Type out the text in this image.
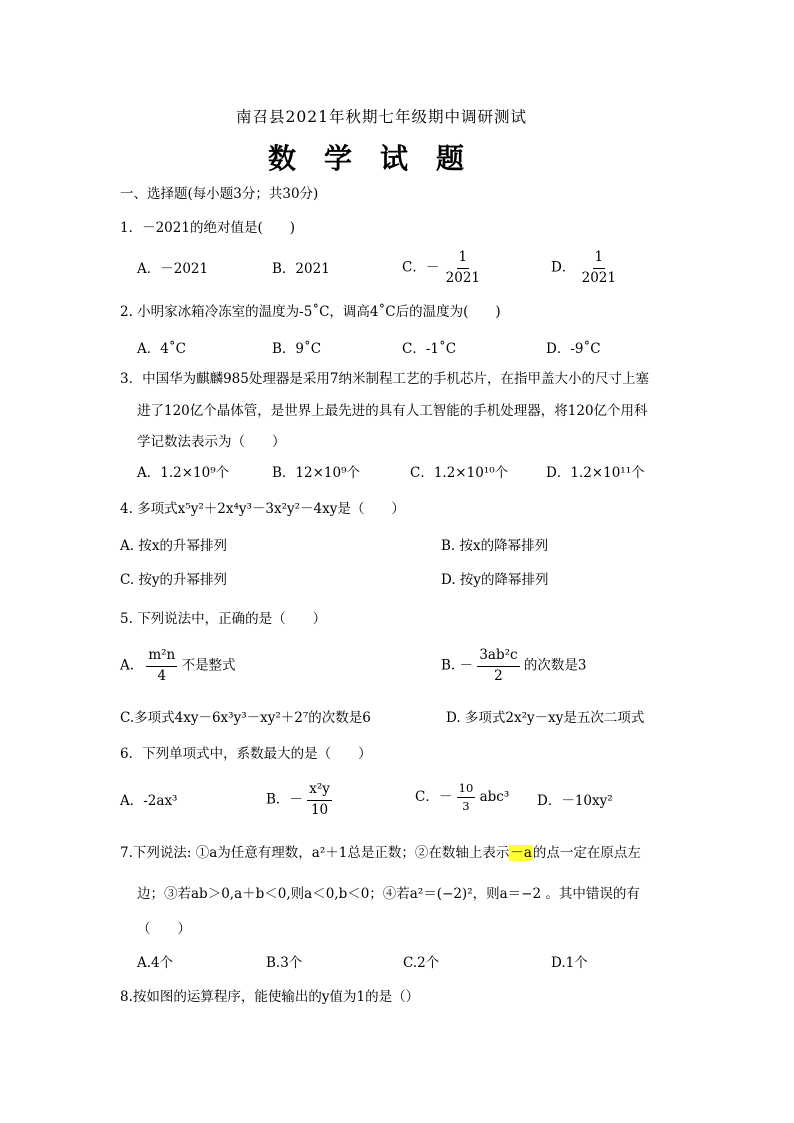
南召县2021年秋期七年级期中调研测试
数学试题
一、选择题(每小题3分；共30分)
1．－2021的绝对值是(　　)
A．－2021	B．2021	C．－ $\frac{1}{2021}$	D． $\frac{1}{2021}$
2. 小明家冰箱冷冻室的温度为-5˚C，调高4˚C后的温度为(　　)
A．4˚C	B．9˚C	C．-1˚C	D．-9˚C
3．中国华为麒麟985处理器是采用7纳米制程工艺的手机芯片，在指甲盖大小的尺寸上塞
进了120亿个晶体管，是世界上最先进的具有人工智能的手机处理器，将120亿个用科
学记数法表示为（　　）
A．1.2×10⁹个	B．12×10⁹个	C．1.2×10¹⁰个	D．1.2×10¹¹个
4. 多项式x⁵y²＋2x⁴y³－3x²y²－4xy是（　　）
A. 按x的升幂排列	B. 按x的降幂排列
C. 按y的升幂排列	D. 按y的降幂排列
5. 下列说法中，正确的是（　　）
A. $\frac{\text{m²n}}{4}$ 不是整式	B. － $\frac{\text{3ab²c}}{2}$ 的次数是3
C.多项式4xy－6x³y³－xy²＋2⁷的次数是6	D. 多项式2x²y－xy是五次二项式
6．下列单项式中，系数最大的是（　　）
A．-2ax³	B．－ $\frac{\text{x²y}}{10}$	C．－ $\frac{10}{3} abc^3$ D．－10xy²
7.下列说法: ①a为任意有理数，a²＋1总是正数；②在数轴上表示－a的点一定在原点左
边；③若ab＞0,a＋b＜0,则a＜0,b＜0；④若a²＝(−2)²，则a＝−2 。其中错误的有
（　　）
A.4个	B.3个	C.2个	D.1个
8.按如图的运算程序，能使输出的y值为1的是（）
